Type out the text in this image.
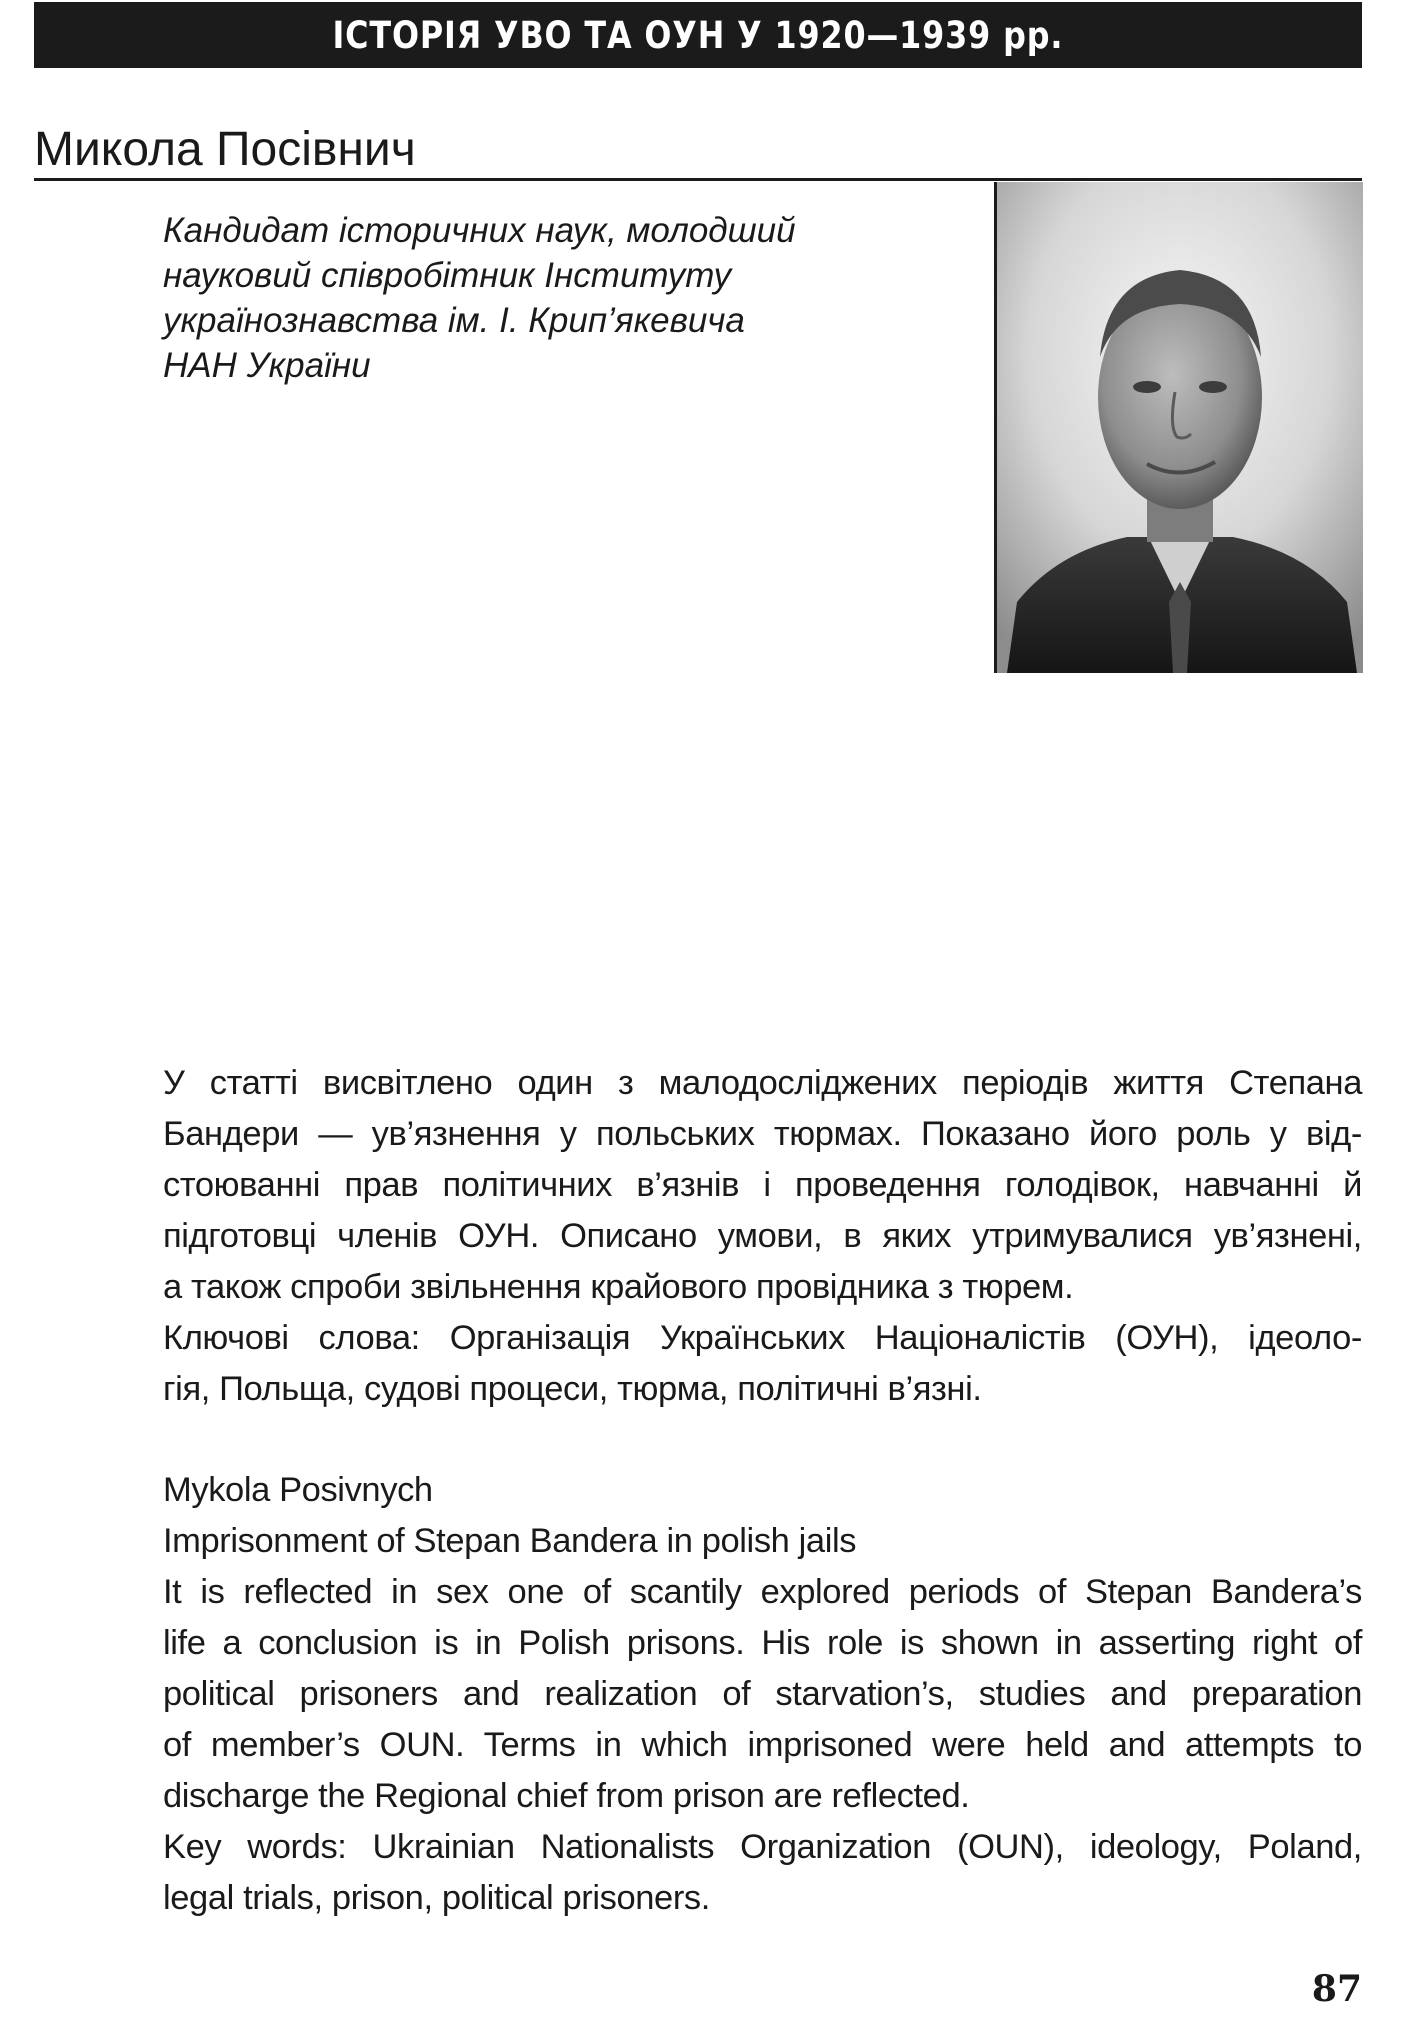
ІСТОРІЯ УВО ТА ОУН У 1920—1939 рр.
Микола Посівнич
Кандидат історичних наук, молодший
науковий співробітник Інституту
українознавства ім. І. Крип’якевича
НАН України
У статті висвітлено один з малодосліджених періодів життя Степана
Бандери — ув’язнення у польських тюрмах. Показано його роль у від-
стоюванні прав політичних в’язнів і проведення голодівок, навчанні й
підготовці членів ОУН. Описано умови, в яких утримувалися ув’язнені,
а також спроби звільнення крайового провідника з тюрем.
Ключові слова: Організація Українських Націоналістів (ОУН), ідеоло-
гія, Польща, судові процеси, тюрма, політичні в’язні.
Mykola Posivnych
Imprisonment of Stepan Bandera in polish jails
It is reflected in sex one of scantily explored periods of Stepan Bandera’s
life a conclusion is in Polish prisons. His role is shown in asserting right of
political prisoners and realization of starvation’s, studies and preparation
of member’s OUN. Terms in which imprisoned were held and attempts to
discharge the Regional chief from prison are reflected.
Key words: Ukrainian Nationalists Organization (OUN), ideology, Poland,
legal trials, prison, political prisoners.
87
